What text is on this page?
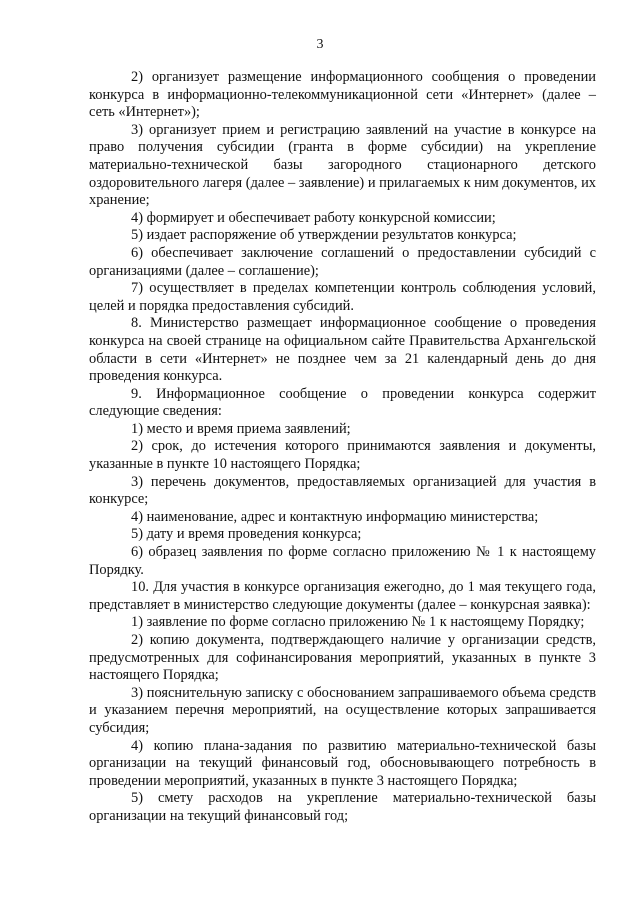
3

2) организует размещение информационного сообщения о проведении конкурса в информационно-телекоммуникационной сети «Интернет» (далее – сеть «Интернет»);

3) организует прием и регистрацию заявлений на участие в конкурсе на право получения субсидии (гранта в форме субсидии) на укрепление материально-технической базы загородного стационарного детского оздоровительного лагеря (далее – заявление) и прилагаемых к ним документов, их хранение;

4) формирует и обеспечивает работу конкурсной комиссии;

5) издает распоряжение об утверждении результатов конкурса;

6) обеспечивает заключение соглашений о предоставлении субсидий с организациями (далее – соглашение);

7) осуществляет в пределах компетенции контроль соблюдения условий, целей и порядка предоставления субсидий.

8. Министерство размещает информационное сообщение о проведения конкурса на своей странице на официальном сайте Правительства Архангельской области в сети «Интернет» не позднее чем за 21 календарный день до дня проведения конкурса.

9. Информационное сообщение о проведении конкурса содержит следующие сведения:

1) место и время приема заявлений;

2) срок, до истечения которого принимаются заявления и документы, указанные в пункте 10 настоящего Порядка;

3) перечень документов, предоставляемых организацией для участия в конкурсе;

4) наименование, адрес и контактную информацию министерства;

5) дату и время проведения конкурса;

6) образец заявления по форме согласно приложению № 1 к настоящему Порядку.

10. Для участия в конкурсе организация ежегодно, до 1 мая текущего года, представляет в министерство следующие документы (далее – конкурсная заявка):

1) заявление по форме согласно приложению № 1 к настоящему Порядку;

2) копию документа, подтверждающего наличие у организации средств, предусмотренных для софинансирования мероприятий, указанных в пункте 3 настоящего Порядка;

3) пояснительную записку с обоснованием запрашиваемого объема средств и указанием перечня мероприятий, на осуществление которых запрашивается субсидия;

4) копию плана-задания по развитию материально-технической базы организации на текущий финансовый год, обосновывающего потребность в проведении мероприятий, указанных в пункте 3 настоящего Порядка;

5) смету расходов на укрепление материально-технической базы организации на текущий финансовый год;
